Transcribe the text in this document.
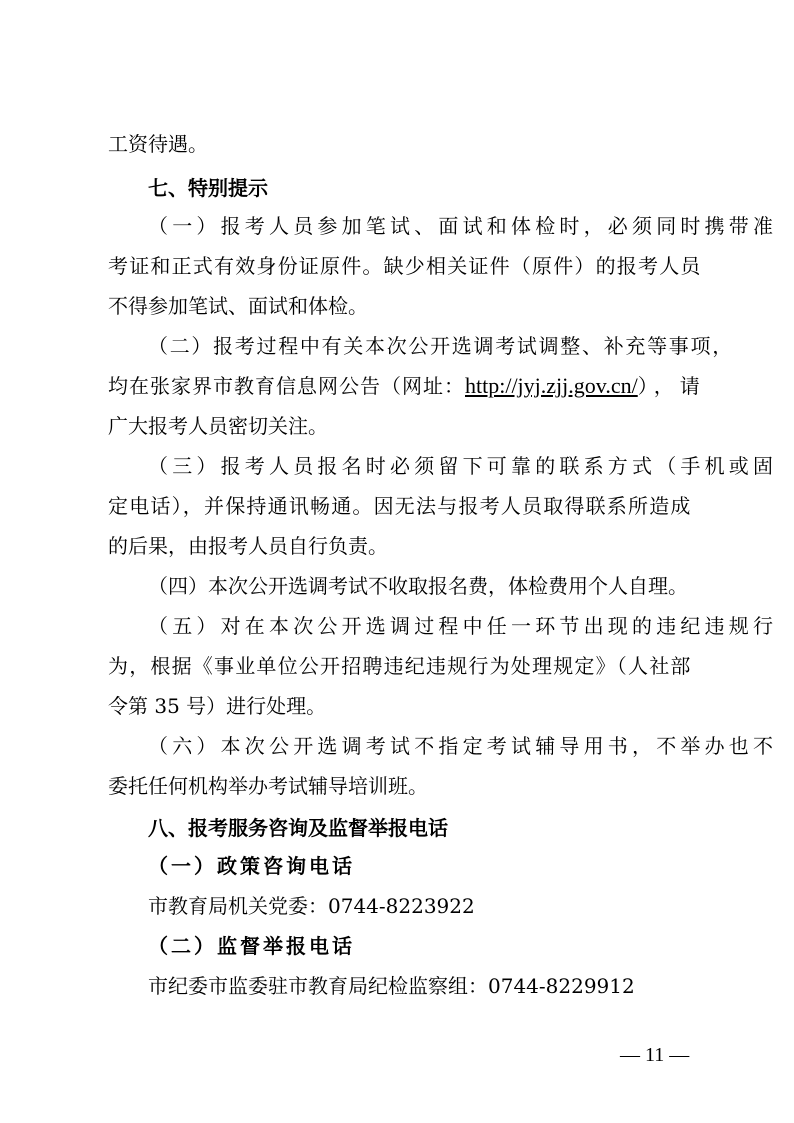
工资待遇。
七、特别提示
（一）报考人员参加笔试、面试和体检时，必须同时携带准
考证和正式有效身份证原件。缺少相关证件（原件）的报考人员
不得参加笔试、面试和体检。
（二）报考过程中有关本次公开选调考试调整、补充等事项，
均在张家界市教育信息网公告（网址：http://jyj.zjj.gov.cn/），请
广大报考人员密切关注。
（三）报考人员报名时必须留下可靠的联系方式（手机或固
定电话），并保持通讯畅通。因无法与报考人员取得联系所造成
的后果，由报考人员自行负责。
（四）本次公开选调考试不收取报名费，体检费用个人自理。
（五）对在本次公开选调过程中任一环节出现的违纪违规行
为，根据《事业单位公开招聘违纪违规行为处理规定》（人社部
令第 35 号）进行处理。
（六）本次公开选调考试不指定考试辅导用书，不举办也不
委托任何机构举办考试辅导培训班。
八、报考服务咨询及监督举报电话
（一）政策咨询电话
市教育局机关党委：0744-8223922
（二）监督举报电话
市纪委市监委驻市教育局纪检监察组：0744-8229912
— 11 —
